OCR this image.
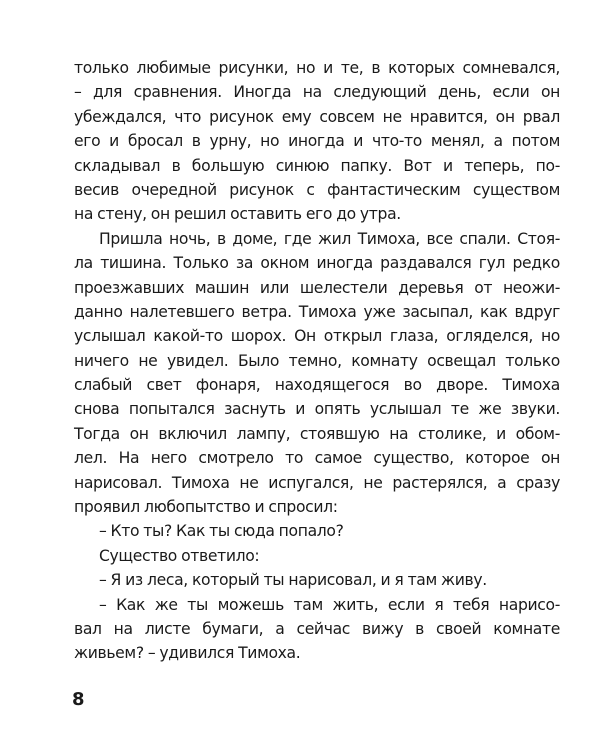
только любимые рисунки, но и те, в которых сомневался,
– для сравнения. Иногда на следующий день, если он
убеждался, что рисунок ему совсем не нравится, он рвал
его и бросал в урну, но иногда и что-то менял, а потом
складывал в большую синюю папку. Вот и теперь, по-
весив очередной рисунок с фантастическим существом
на стену, он решил оставить его до утра.
Пришла ночь, в доме, где жил Тимоха, все спали. Стоя-
ла тишина. Только за окном иногда раздавался гул редко
проезжавших машин или шелестели деревья от неожи-
данно налетевшего ветра. Тимоха уже засыпал, как вдруг
услышал какой-то шорох. Он открыл глаза, огляделся, но
ничего не увидел. Было темно, комнату освещал только
слабый свет фонаря, находящегося во дворе. Тимоха
снова попытался заснуть и опять услышал те же звуки.
Тогда он включил лампу, стоявшую на столике, и обом-
лел. На него смотрело то самое существо, которое он
нарисовал. Тимоха не испугался, не растерялся, а сразу
проявил любопытство и спросил:
– Кто ты? Как ты сюда попало?
Существо ответило:
– Я из леса, который ты нарисовал, и я там живу.
– Как же ты можешь там жить, если я тебя нарисо-
вал на листе бумаги, а сейчас вижу в своей комнате
живьем? – удивился Тимоха.
8
